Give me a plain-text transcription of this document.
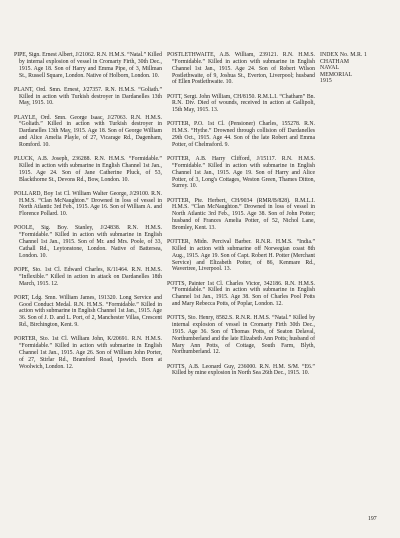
PIPE, Sign. Ernest Albert, J/21062. R.N. H.M.S. “Natal.” Killed by internal explosion of vessel in Cromarty Firth, 30th Dec., 1915. Age 18. Son of Harry and Emma Pipe, of 3, Millman St., Russell Square, London. Native of Holborn, London. 10.

PLANT, Ord. Smn. Ernest, J/27357. R.N. H.M.S. “Goliath.” Killed in action with Turkish destroyer in Dardanelles 13th May, 1915. 10.

PLAYLE, Ord. Smn. George Isaac, J/27063. R.N. H.M.S. “Goliath.” Killed in action with Turkish destroyer in Dardanelles 13th May, 1915. Age 18. Son of George William and Alice Amelia Playle, of 27, Vicarage Rd., Dagenham, Romford. 10.

PLUCK, A.B. Joseph, 236288. R.N. H.M.S. “Formidable.” Killed in action with submarine in English Channel 1st Jan., 1915. Age 24. Son of Jane Catherine Pluck, of 53, Blackthorne St., Devons Rd., Bow, London. 10.

POLLARD, Boy 1st Cl. William Walter George, J/29100. R.N. H.M.S. “Clan McNaughton.” Drowned in loss of vessel in North Atlantic 3rd Feb., 1915. Age 16. Son of William A. and Florence Pollard. 10.

POOLE, Sig. Boy. Stanley, J/24838. R.N. H.M.S. “Formidable.” Killed in action with submarine in English Channel 1st Jan., 1915. Son of Mr. and Mrs. Poole, of 33, Cathall Rd., Leytonstone, London. Native of Battersea, London. 10.

POPE, Sto. 1st Cl. Edward Charles, K/11464. R.N. H.M.S. “Inflexible.” Killed in action in attack on Dardanelles 18th March, 1915. 12.

PORT, Ldg. Smn. William James, 191320. Long Service and Good Conduct Medal. R.N. H.M.S. “Formidable.” Killed in action with submarine in English Channel 1st Jan., 1915. Age 36. Son of J. D. and L. Port, of 2, Manchester Villas, Crescent Rd., Birchington, Kent. 9.

PORTER, Sto. 1st Cl. William John, K/20691. R.N. H.M.S. “Formidable.” Killed in action with submarine in English Channel 1st Jan., 1915. Age 26. Son of William John Porter, of 27, Stirlar Rd., Bramford Road, Ipswich. Born at Woolwich, London. 12.

POSTLETHWAITE, A.B. William, 239121. R.N. H.M.S. “Formidable.” Killed in action with submarine in English Channel 1st Jan., 1915. Age 24. Son of Robert Wilson Postlethwaite, of 9, Joshua St., Everton, Liverpool; husband of Ellen Postlethwaite. 10.

POTT, Sergt. John William, CH/8150. R.M.L.I. “Chatham” Bn. R.N. Div. Died of wounds, received in action at Gallipoli, 15th May, 1915. 13.

POTTER, P.O. 1st Cl. (Pensioner) Charles, 155278. R.N. H.M.S. “Hythe.” Drowned through collision off Dardanelles 29th Oct., 1915. Age 44. Son of the late Robert and Emma Potter, of Chelmsford. 9.

POTTER, A.B. Harry Clifford, J/15117. R.N. H.M.S. “Formidable.” Killed in action with submarine in English Channel 1st Jan., 1915. Age 19. Son of Harry and Alice Potter, of 3, Long's Cottages, Weston Green, Thames Ditton, Surrey. 10.

POTTER, Pte. Herbert, CH/9034 (RMR/B/828). R.M.L.I. H.M.S. “Clan McNaughton.” Drowned in loss of vessel in North Atlantic 3rd Feb., 1915. Age 38. Son of John Potter; husband of Frances Amelia Potter, of 52, Nichol Lane, Bromley, Kent. 13.

POTTER, Midn. Percival Barber. R.N.R. H.M.S. “India.” Killed in action with submarine off Norwegian coast 8th Aug., 1915. Age 19. Son of Capt. Robert H. Potter (Merchant Service) and Elizabeth Potter, of 86, Kenmare Rd., Wavertree, Liverpool. 13.

POTTS, Painter 1st Cl. Charles Victor, 342186. R.N. H.M.S. “Formidable.” Killed in action with submarine in English Channel 1st Jan., 1915. Age 38. Son of Charles Pool Potts and Mary Rebecca Potts, of Poplar, London. 12.

POTTS, Sto. Henry, 8582.S. R.N.R. H.M.S. “Natal.” Killed by internal explosion of vessel in Cromarty Firth 30th Dec., 1915. Age 36. Son of Thomas Potts, of Seaton Delaval, Northumberland and the late Elizabeth Ann Potts; husband of Mary Ann Potts, of Cottage, South Farm, Blyth, Northumberland. 12.

POTTS, A.B. Leonard Guy, 236000. R.N. H.M. S/M. “E6.” Killed by mine explosion in North Sea 26th Dec., 1915. 10.

INDEX No. M.R. 1
CHATHAM
NAVAL
MEMORIAL
1915
197
